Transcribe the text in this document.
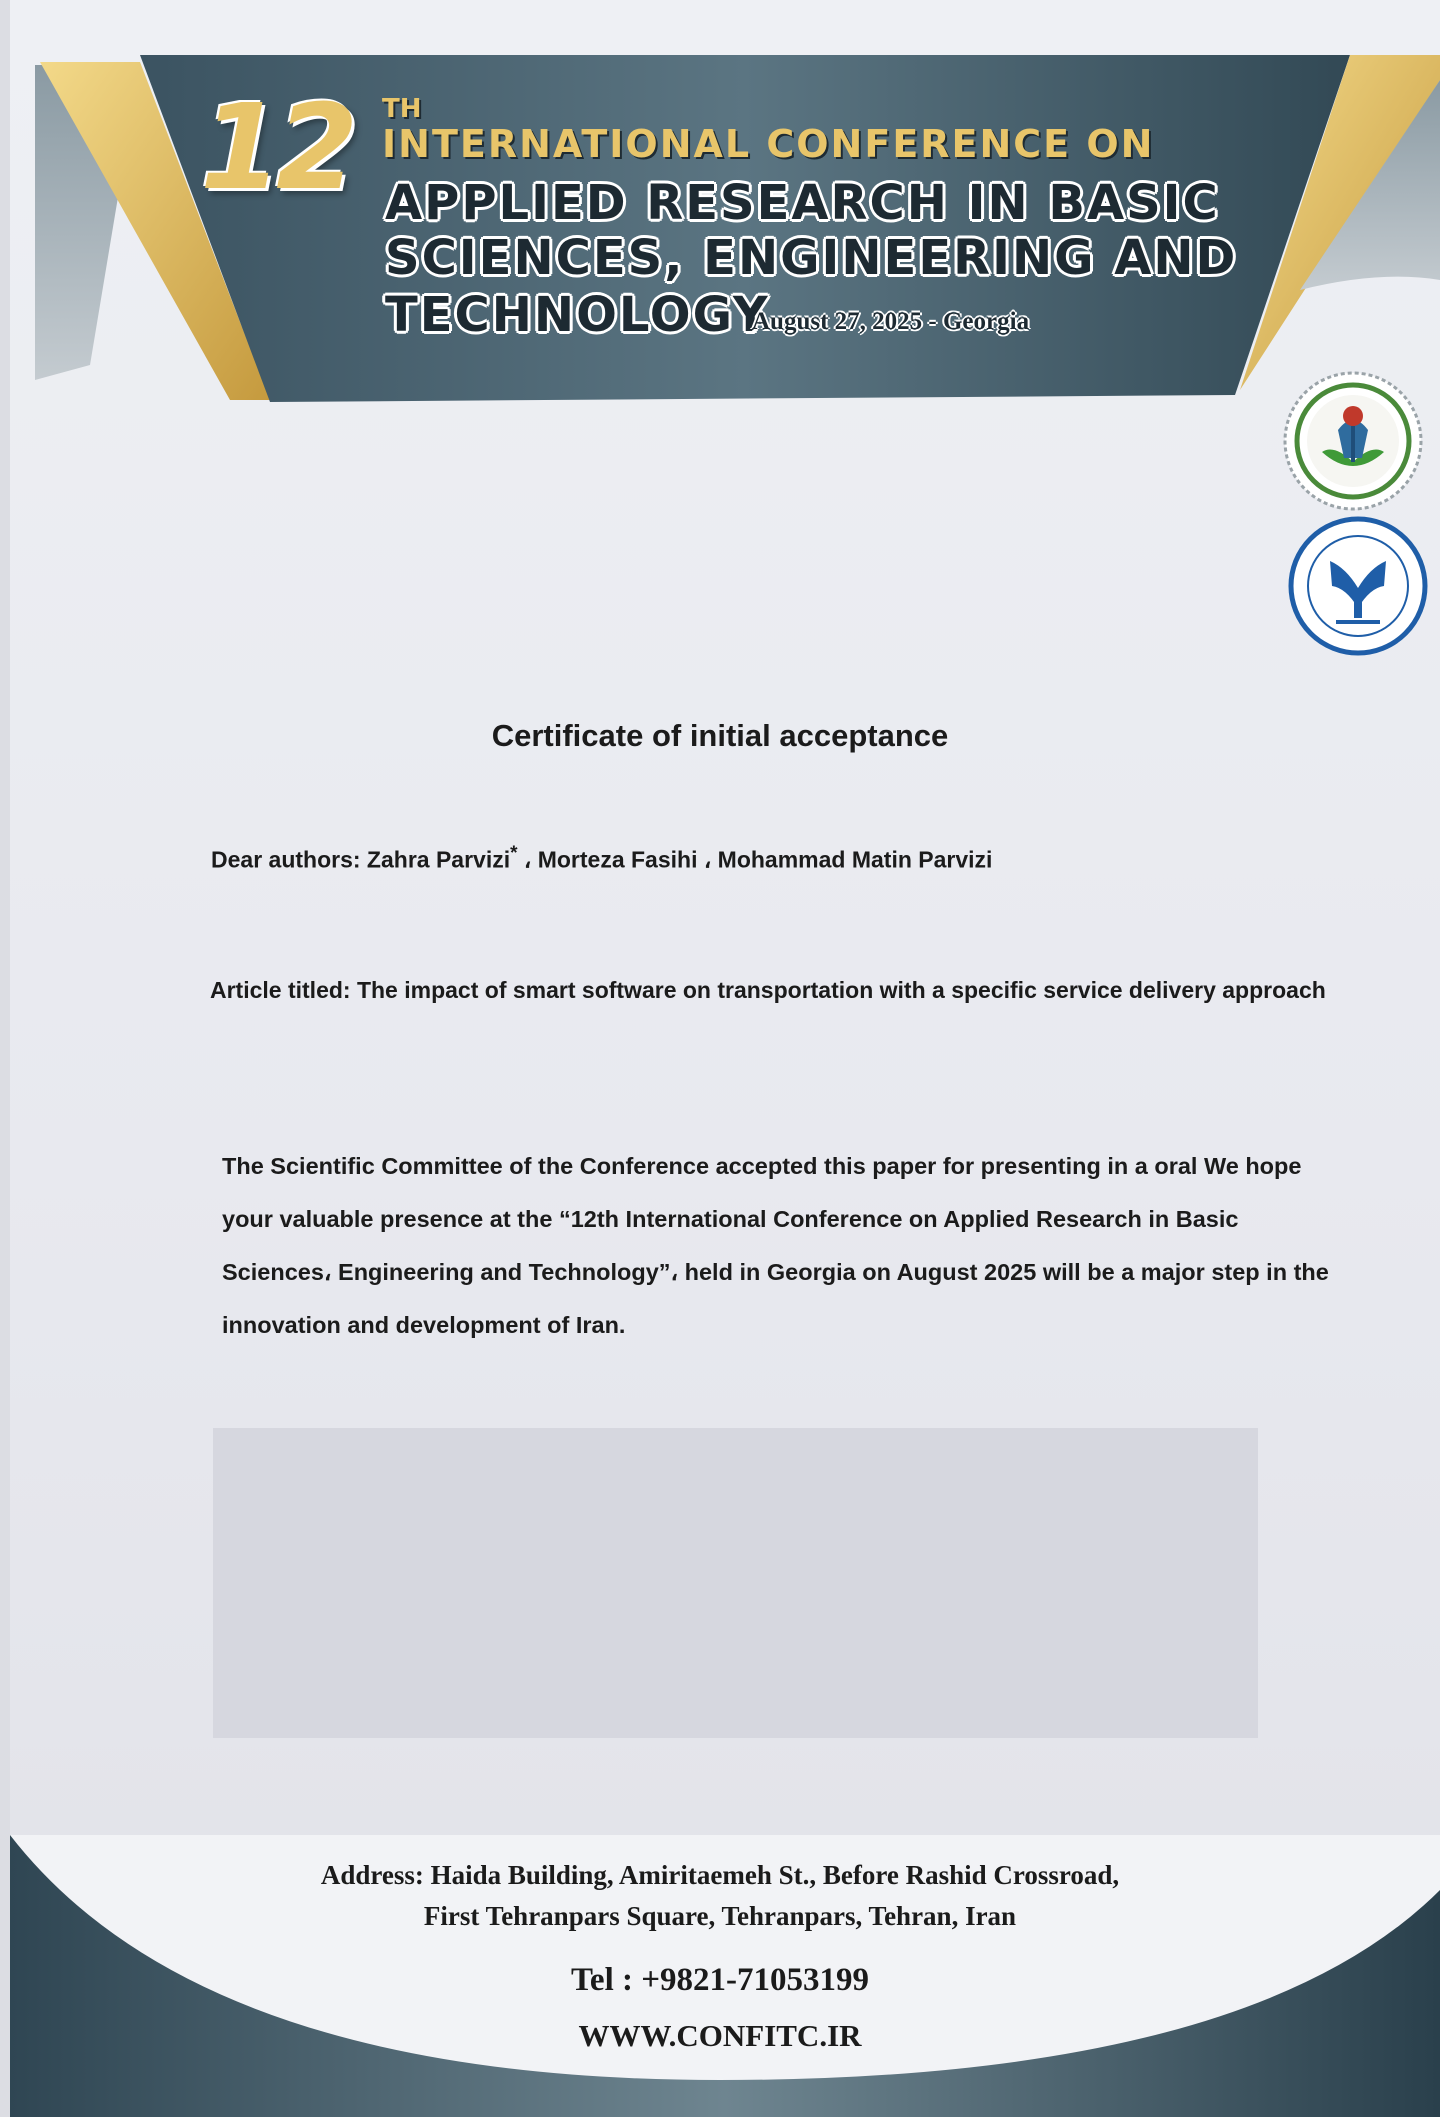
12 TH
INTERNATIONAL CONFERENCE ON
APPLIED RESEARCH IN BASIC
SCIENCES, ENGINEERING AND
TECHNOLOGY
August 27, 2025 - Georgia
Certificate of initial acceptance
Dear authors: Zahra Parvizi* ، Morteza Fasihi ، Mohammad Matin Parvizi
Article titled: The impact of smart software on transportation with a specific service delivery approach
The Scientific Committee of the Conference accepted this paper for presenting in a oral We hope your valuable presence at the “12th International Conference on Applied Research in Basic Sciences، Engineering and Technology”، held in Georgia on August 2025 will be a major step in the innovation and development of Iran.
Address: Haida Building, Amiritaemeh St., Before Rashid Crossroad,
First Tehranpars Square, Tehranpars, Tehran, Iran
Tel : +9821-71053199
WWW.CONFITC.IR
